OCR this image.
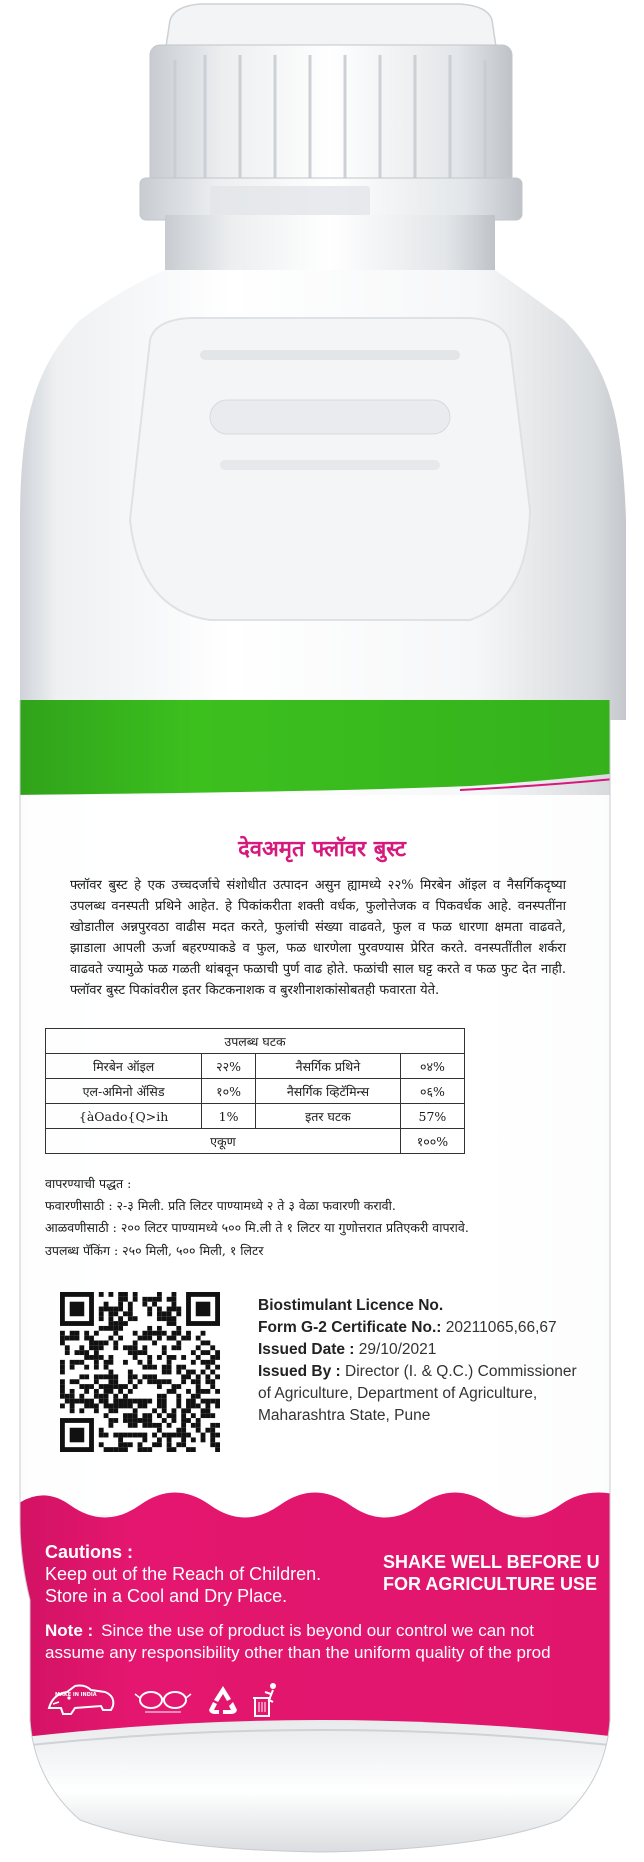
देवअमृत फ्लॉवर बुस्ट
फ्लॉवर बुस्ट हे एक उच्चदर्जाचे संशोधीत उत्पादन असुन ह्यामध्ये २२% मिरबेन ऑइल व नैसर्गिकदृष्या उपलब्ध वनस्पती प्रथिने आहेत. हे पिकांकरीता शक्ती वर्धक, फुलोत्तेजक व पिकवर्धक आहे. वनस्पतींना खोडातील अन्नपुरवठा वाढीस मदत करते, फुलांची संख्या वाढवते, फुल व फळ धारणा क्षमता वाढवते, झाडाला आपली ऊर्जा बहरण्याकडे व फुल, फळ धारणेला पुरवण्यास प्रेरित करते. वनस्पतींतील शर्करा वाढवते ज्यामुळे फळ गळती थांबवून फळाची पुर्ण वाढ होते. फळांची साल घट्ट करते व फळ फुट देत नाही. फ्लॉवर बुस्ट पिकांवरील इतर किटकनाशक व बुरशीनाशकांसोबतही फवारता येते.
उपलब्ध घटक			
मिरबेन ऑइल	२२%	नैसर्गिक प्रथिने	०४%
एल-अमिनो ॲसिड	१०%	नैसर्गिक व्हिटॅमिन्स	०६%
{àOado{Q>ih	1%	इतर घटक	57%
एकूण			१००%
वापरण्याची पद्धत :
फवारणीसाठी : २-३ मिली. प्रति लिटर पाण्यामध्ये २ ते ३ वेळा फवारणी करावी.
आळवणीसाठी : २०० लिटर पाण्यामध्ये ५०० मि.ली ते १ लिटर या गुणोत्तरात प्रतिएकरी वापरावे.
उपलब्ध पॅकिंग : २५० मिली, ५०० मिली, १ लिटर
Biostimulant Licence No.
Form G-2 Certificate No.: 20211065,66,67
Issued Date : 29/10/2021
Issued By : Director (I. & Q.C.) Commissioner
of Agriculture, Department of Agriculture,
Maharashtra State, Pune
Cautions :
Keep out of the Reach of Children.
Store in a Cool and Dry Place.
SHAKE WELL BEFORE U
FOR AGRICULTURE USE
Note : Since the use of product is beyond our control we can not
assume any responsibility other than the uniform quality of the prod
MAKE IN INDIA
